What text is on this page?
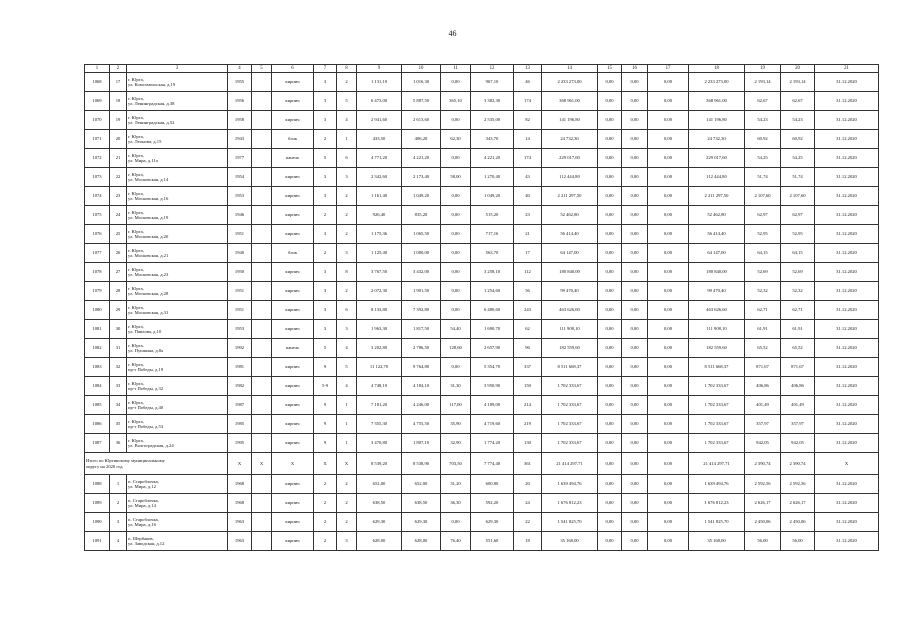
46
1	2	3	4	5	6	7	8	9	10	11	12	13	14	15	16	17	18	19	20	21
1068	17	г. Юрга,
ул. Комсомольская, д.19	1955		кирпич	3	2	1 131,10	1 016,30	0,00	967,10	46	2 233 273,00	0,00	0,00	0,00	2 233 273,00	2 193,14	2 193,14	31.12.2020
1069	18	г. Юрга,
ул. Ленинградская, д.38	1956		кирпич	3	5	6 473,00	5 887,50	365,10	3 382,30	174	368 961,00	0,00	0,00	0,00	368 961,00	62,67	62,67	31.12.2020
1070	19	г. Юрга,
ул. Ленинградская, д.52	1958		кирпич	3	4	2 941,60	2 613,60	0,00	2 535,00	82	141 196,80	0,00	0,00	0,00	141 196,80	54,23	54,23	31.12.2020
1071	20	г. Юрга,
ул. Леонова, д.15	1943		блок	2	1	433,50	406,20	62,30	343,70	14	24 732,30	0,00	0,00	0,00	24 732,30	60,92	60,92	31.12.2020
1072	21	г. Юрга,
ул. Мира, д.11а	1977		панель	5	6	4 771,20	4 221,20	0,00	4 221,20	174	229 017,60	0,00	0,00	0,00	229 017,60	54,25	54,25	31.12.2020
1073	22	г. Юрга,
ул. Московская, д.14	1954		кирпич	3	3	2 342,60	2 173,40	58,00	1 270,40	43	112 444,80	0,00	0,00	0,00	112 444,80	51,74	51,74	31.12.2020
1074	23	г. Юрга,
ул. Московская, д.16	1953		кирпич	3	2	1 161,40	1 049,20	0,00	1 049,20	40	2 211 297,50	0,00	0,00	0,00	2 211 297,50	2 107,60	2 107,60	31.12.2020
1075	24	г. Юрга,
ул. Московская, д.19	1946		кирпич	2	2	926,40	835,20	0,00	515,20	23	52 462,80	0,00	0,00	0,00	52 462,80	62,97	62,97	31.12.2020
1076	25	г. Юрга,
ул. Московская, д.20	1951		кирпич	3	2	1 175,36	1 065,50	0,00	717,16	21	56 414,40	0,00	0,00	0,00	56 414,40	52,95	52,95	31.12.2020
1077	26	г. Юрга,
ул. Московская, д.21	1940		блок	2	3	1 125,40	1 000,00	0,00	563,70	17	64 147,00	0,00	0,00	0,00	64 147,00	64,15	64,15	31.12.2020
1078	27	г. Юрга,
ул. Московская, д.23	1950		кирпич	3	8	3 767,50	3 432,00	0,00	3 258,10	112	180 840,00	0,00	0,00	0,00	180 840,00	52,69	52,69	31.12.2020
1079	28	г. Юрга,
ул. Московская, д.28	1951		кирпич	3	2	2 072,30	1 901,50	0,00	1 254,60	56	99 470,40	0,00	0,00	0,00	99 470,40	52,32	52,32	31.12.2020
1080	29	г. Юрга,
ул. Московская, д.31	1951		кирпич	3	6	8 133,80	7 392,80	0,00	6 480,60	243	463 626,60	0,00	0,00	0,00	463 626,60	62,71	62,71	31.12.2020
1081	30	г. Юрга,
ул. Павлова, д.10	1953		кирпич	3	3	1 963,30	1 817,50	54,40	1 690,70	62	111 908,10	0,00	0,00	0,00	111 908,10	61,91	61,91	31.12.2020
1082	31	г. Юрга,
ул. Пушкина, д.8а	1992		панель	5	4	3 202,80	2 786,50	128,60	2 657,90	96	182 559,60	0,00	0,00	0,00	182 559,60	65,52	65,52	31.12.2020
1083	32	г. Юрга,
пр-т Победы, д.19	1981		кирпич	9	5	11 122,70	9 764,80	0,00	5 354,70	337	8 511 668,37	0,00	0,00	0,00	8 511 668,37	871,67	871,67	31.12.2020
1084	33	г. Юрга,
пр-т Победы, д.32	1982		кирпич	5-9	4	4 748,10	4 184,10	31,30	3 950,90	150	1 702 333,67	0,00	0,00	0,00	1 702 333,67	406,86	406,86	31.12.2020
1085	34	г. Юрга,
пр-т Победы, д.40	1987		кирпич	9	1	7 181,20	4 246,00	117,00	4 109,00	214	1 702 333,67	0,00	0,00	0,00	1 702 333,67	401,49	401,49	31.12.2020
1086	35	г. Юрга,
пр-т Победы, д.53	1985		кирпич	9	1	7 355,30	4 755,50	35,90	4 719,60	219	1 702 333,67	0,00	0,00	0,00	1 702 333,67	357,97	357,97	31.12.2020
1087	36	г. Юрга,
ул. Волгоградская, д.24	1995		кирпич	9	1	3 470,80	1 807,10	32,90	1 774,20	130	1 702 333,67	0,00	0,00	0,00	1 702 333,67	942,05	942,05	31.12.2020
Итого по Юргинскому муниципальному
округу на 2020 год			X	X	X	X	X	8 539,20	8 538,90	703,50	7 774,40	361	21 414 297,71	0,00	0,00	0,00	21 414 297,71	2 390,74	2 390,74	X
1088	1	п. Староблочка,
ул. Мира, д.12	1968		кирпич	2	2	652,00	652,00	31,20	600,80	20	1 639 494,76	0,00	0,00	0,00	1 639 494,76	2 592,56	2 592,56	31.12.2020
1089	2	п. Староблочка,
ул. Мира, д.14	1968		кирпич	2	2	638,50	638,50	36,30	592,20	24	1 676 812,23	0,00	0,00	0,00	1 676 812,23	2 626,17	2 626,17	31.12.2020
1090	3	п. Староблочка,
ул. Мира, д.16	1963		кирпич	2	2	629,30	629,30	0,00	629,30	22	1 541 825,70	0,00	0,00	0,00	1 541 825,70	2 450,06	2 450,06	31.12.2020
1091	4	п. Шербаков,
ул. Заводская, д.12	1963		кирпич	2	3	628,00	628,00	76,40	551,60	18	35 168,00	0,00	0,00	0,00	35 168,00	56,00	56,00	31.12.2020
